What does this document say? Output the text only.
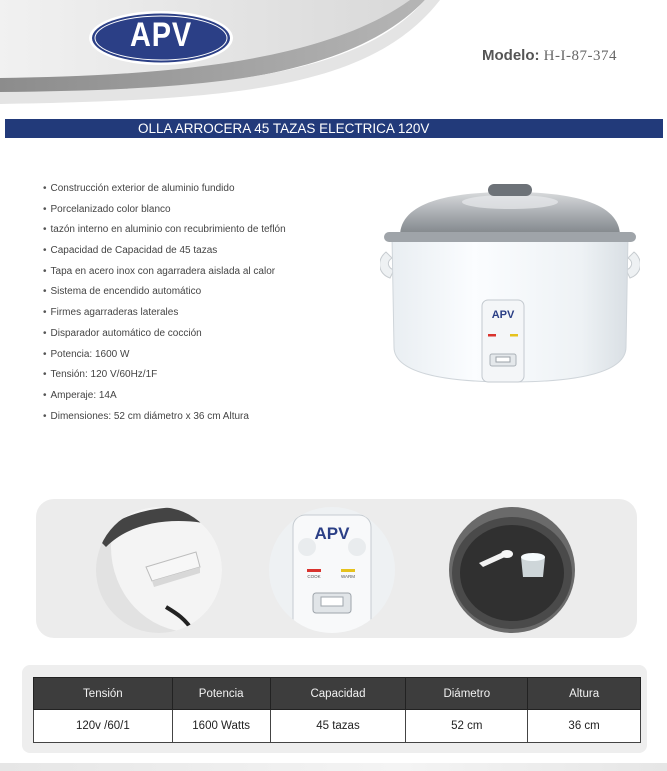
APV
Modelo: H-I-87-374
OLLA ARROCERA 45 TAZAS ELECTRICA 120V
• Construcción exterior de aluminio fundido
• Porcelanizado color blanco
• tazón interno en aluminio con recubrimiento de teflón
• Capacidad de Capacidad de 45 tazas
• Tapa en acero inox con agarradera aislada al calor
• Sistema de encendido automático
• Firmes agarraderas laterales
• Disparador automático de cocción
• Potencia: 1600 W
• Tensión: 120 V/60Hz/1F
• Amperaje: 14A
• Dimensiones: 52 cm diámetro x 36 cm Altura
APV
APV
COOK	WARM
Tensión	Potencia	Capacidad	Diámetro	Altura
120v /60/1	1600 Watts	45 tazas	52 cm	36 cm
